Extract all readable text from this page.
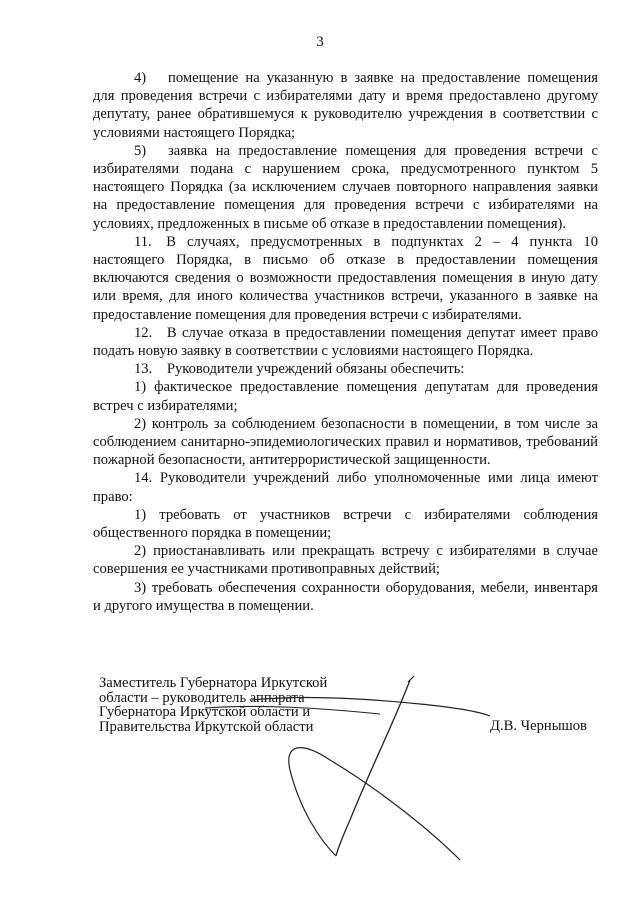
3

4)  помещение на указанную в заявке на предоставление помещения для проведения встречи с избирателями дату и время предоставлено другому депутату, ранее обратившемуся к руководителю учреждения в соответствии с условиями настоящего Порядка;

5)  заявка на предоставление помещения для проведения встречи с избирателями подана с нарушением срока, предусмотренного пунктом 5 настоящего Порядка (за исключением случаев повторного направления заявки на предоставление помещения для проведения встречи с избирателями на условиях, предложенных в письме об отказе в предоставлении помещения).

11.  В случаях, предусмотренных в подпунктах 2 – 4 пункта 10 настоящего Порядка, в письмо об отказе в предоставлении помещения включаются сведения о возможности предоставления помещения в иную дату или время, для иного количества участников встречи, указанного в заявке на предоставление помещения для проведения встречи с избирателями.

12.  В случае отказа в предоставлении помещения депутат имеет право подать новую заявку в соответствии с условиями настоящего Порядка.

13.  Руководители учреждений обязаны обеспечить:

1) фактическое предоставление помещения депутатам для проведения встреч с избирателями;

2) контроль за соблюдением безопасности в помещении, в том числе за соблюдением санитарно-эпидемиологических правил и нормативов, требований пожарной безопасности, антитеррористической защищенности.

14. Руководители учреждений либо уполномоченные ими лица имеют право:

1) требовать от участников встречи с избирателями соблюдения общественного порядка в помещении;

2) приостанавливать или прекращать встречу с избирателями в случае совершения ее участниками противоправных действий;

3) требовать обеспечения сохранности оборудования, мебели, инвентаря и другого имущества в помещении.

Заместитель Губернатора Иркутской
области – руководитель аппарата
Губернатора Иркутской области и
Правительства Иркутской области	Д.В. Чернышов
